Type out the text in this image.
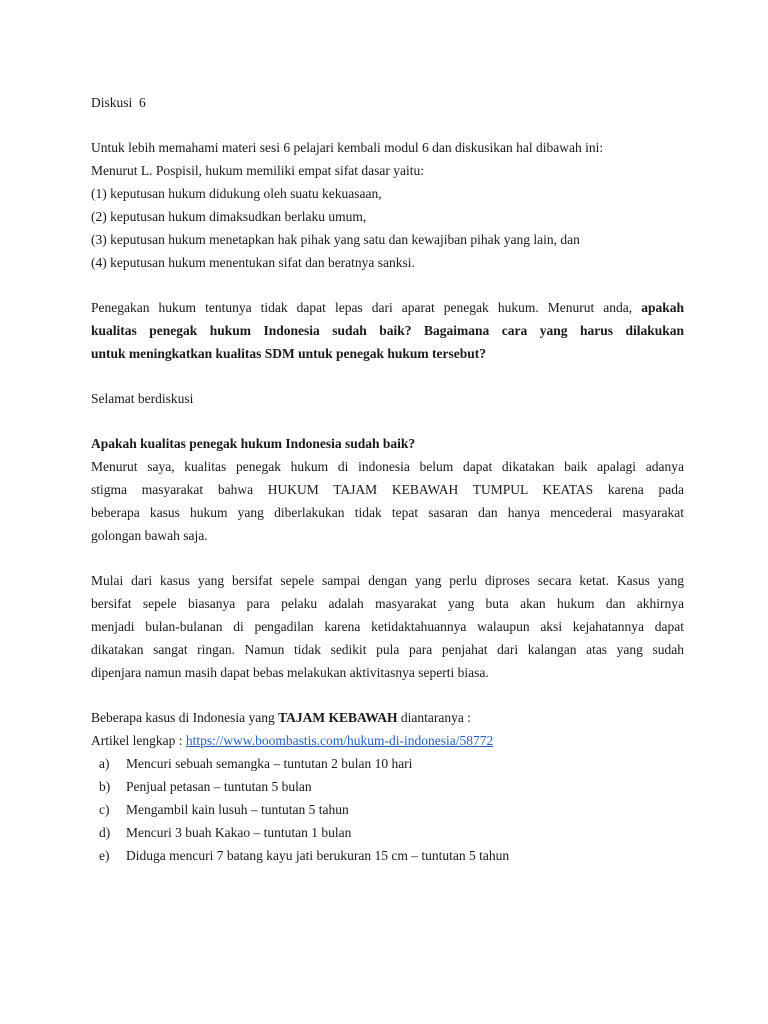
Diskusi  6
Untuk lebih memahami materi sesi 6 pelajari kembali modul 6 dan diskusikan hal dibawah ini:
Menurut L. Pospisil, hukum memiliki empat sifat dasar yaitu:
(1) keputusan hukum didukung oleh suatu kekuasaan,
(2) keputusan hukum dimaksudkan berlaku umum,
(3) keputusan hukum menetapkan hak pihak yang satu dan kewajiban pihak yang lain, dan
(4) keputusan hukum menentukan sifat dan beratnya sanksi.
Penegakan hukum tentunya tidak dapat lepas dari aparat penegak hukum. Menurut anda, apakah
kualitas penegak hukum Indonesia sudah baik? Bagaimana cara yang harus dilakukan
untuk meningkatkan kualitas SDM untuk penegak hukum tersebut?
Selamat berdiskusi
Apakah kualitas penegak hukum Indonesia sudah baik?
Menurut saya, kualitas penegak hukum di indonesia belum dapat dikatakan baik apalagi adanya
stigma masyarakat bahwa HUKUM TAJAM KEBAWAH TUMPUL KEATAS karena pada
beberapa kasus hukum yang diberlakukan tidak tepat sasaran dan hanya mencederai masyarakat
golongan bawah saja.
Mulai dari kasus yang bersifat sepele sampai dengan yang perlu diproses secara ketat. Kasus yang
bersifat sepele biasanya para pelaku adalah masyarakat yang buta akan hukum dan akhirnya
menjadi bulan-bulanan di pengadilan karena ketidaktahuannya walaupun aksi kejahatannya dapat
dikatakan sangat ringan. Namun tidak sedikit pula para penjahat dari kalangan atas yang sudah
dipenjara namun masih dapat bebas melakukan aktivitasnya seperti biasa.
Beberapa kasus di Indonesia yang TAJAM KEBAWAH diantaranya :
Artikel lengkap : https://www.boombastis.com/hukum-di-indonesia/58772
a)	Mencuri sebuah semangka – tuntutan 2 bulan 10 hari
b)	Penjual petasan – tuntutan 5 bulan
c)	Mengambil kain lusuh – tuntutan 5 tahun
d)	Mencuri 3 buah Kakao – tuntutan 1 bulan
e)	Diduga mencuri 7 batang kayu jati berukuran 15 cm – tuntutan 5 tahun
